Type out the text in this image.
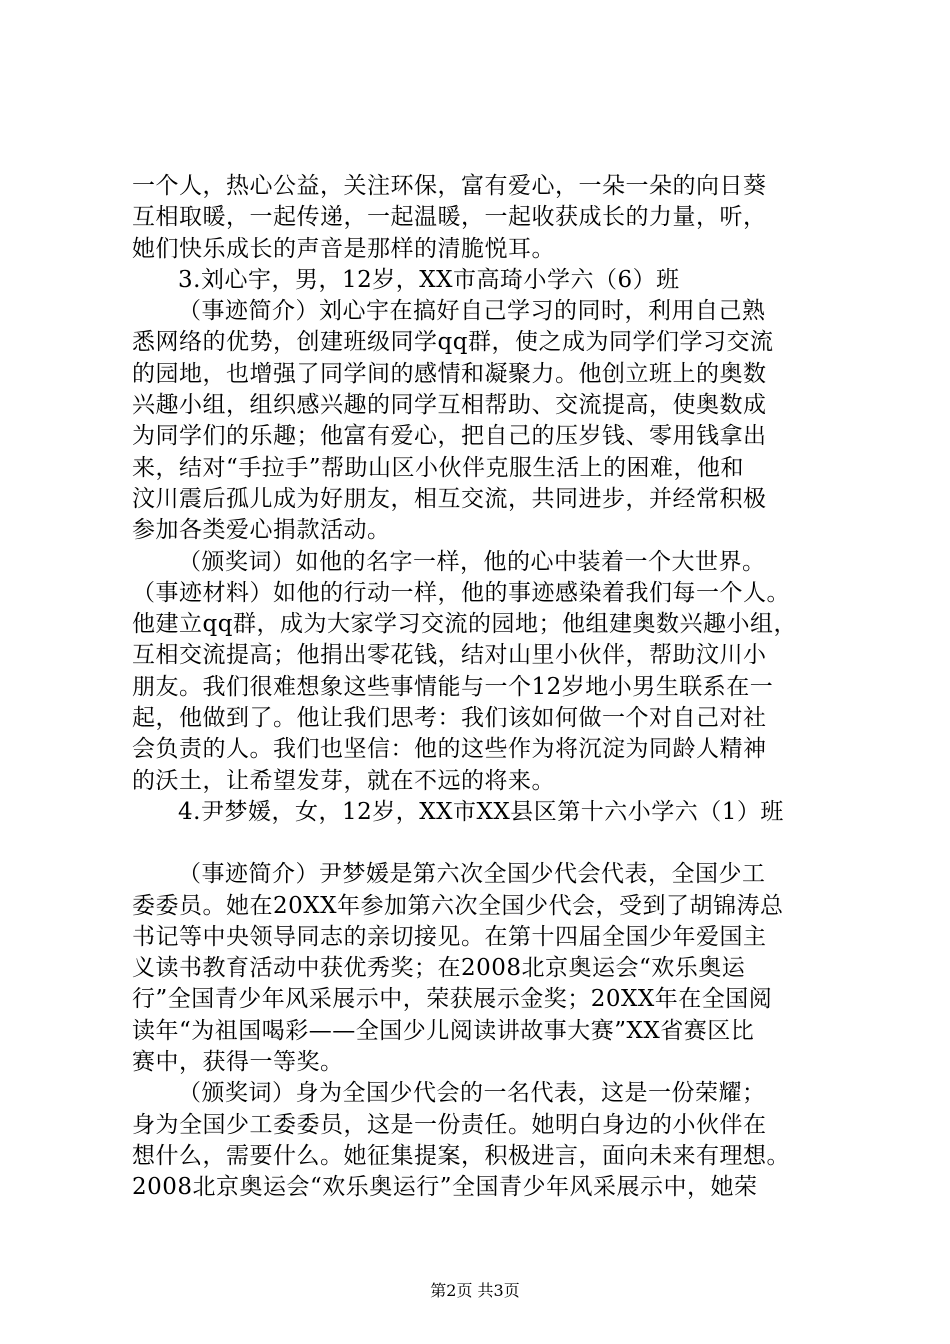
一个人，热心公益，关注环保，富有爱心，一朵一朵的向日葵
互相取暖，一起传递，一起温暖，一起收获成长的力量，听，
她们快乐成长的声音是那样的清脆悦耳。
3.刘心宇，男，12岁，XX市高琦小学六（6）班
（事迹简介）刘心宇在搞好自己学习的同时，利用自己熟
悉网络的优势，创建班级同学qq群，使之成为同学们学习交流
的园地，也增强了同学间的感情和凝聚力。他创立班上的奥数
兴趣小组，组织感兴趣的同学互相帮助、交流提高，使奥数成
为同学们的乐趣；他富有爱心，把自己的压岁钱、零用钱拿出
来，结对“手拉手”帮助山区小伙伴克服生活上的困难，他和
汶川震后孤儿成为好朋友，相互交流，共同进步，并经常积极
参加各类爱心捐款活动。
（颁奖词）如他的名字一样，他的心中装着一个大世界。
（事迹材料）如他的行动一样，他的事迹感染着我们每一个人。
他建立qq群，成为大家学习交流的园地；他组建奥数兴趣小组，
互相交流提高；他捐出零花钱，结对山里小伙伴，帮助汶川小
朋友。我们很难想象这些事情能与一个12岁地小男生联系在一
起，他做到了。他让我们思考：我们该如何做一个对自己对社
会负责的人。我们也坚信：他的这些作为将沉淀为同龄人精神
的沃土，让希望发芽，就在不远的将来。
4.尹梦媛，女，12岁，XX市XX县区第十六小学六（1）班
（事迹简介）尹梦媛是第六次全国少代会代表，全国少工
委委员。她在20XX年参加第六次全国少代会，受到了胡锦涛总
书记等中央领导同志的亲切接见。在第十四届全国少年爱国主
义读书教育活动中获优秀奖；在2008北京奥运会“欢乐奥运
行”全国青少年风采展示中，荣获展示金奖；20XX年在全国阅
读年“为祖国喝彩——全国少儿阅读讲故事大赛”XX省赛区比
赛中，获得一等奖。
（颁奖词）身为全国少代会的一名代表，这是一份荣耀；
身为全国少工委委员，这是一份责任。她明白身边的小伙伴在
想什么，需要什么。她征集提案，积极进言，面向未来有理想。
2008北京奥运会“欢乐奥运行”全国青少年风采展示中，她荣
第2页 共3页
